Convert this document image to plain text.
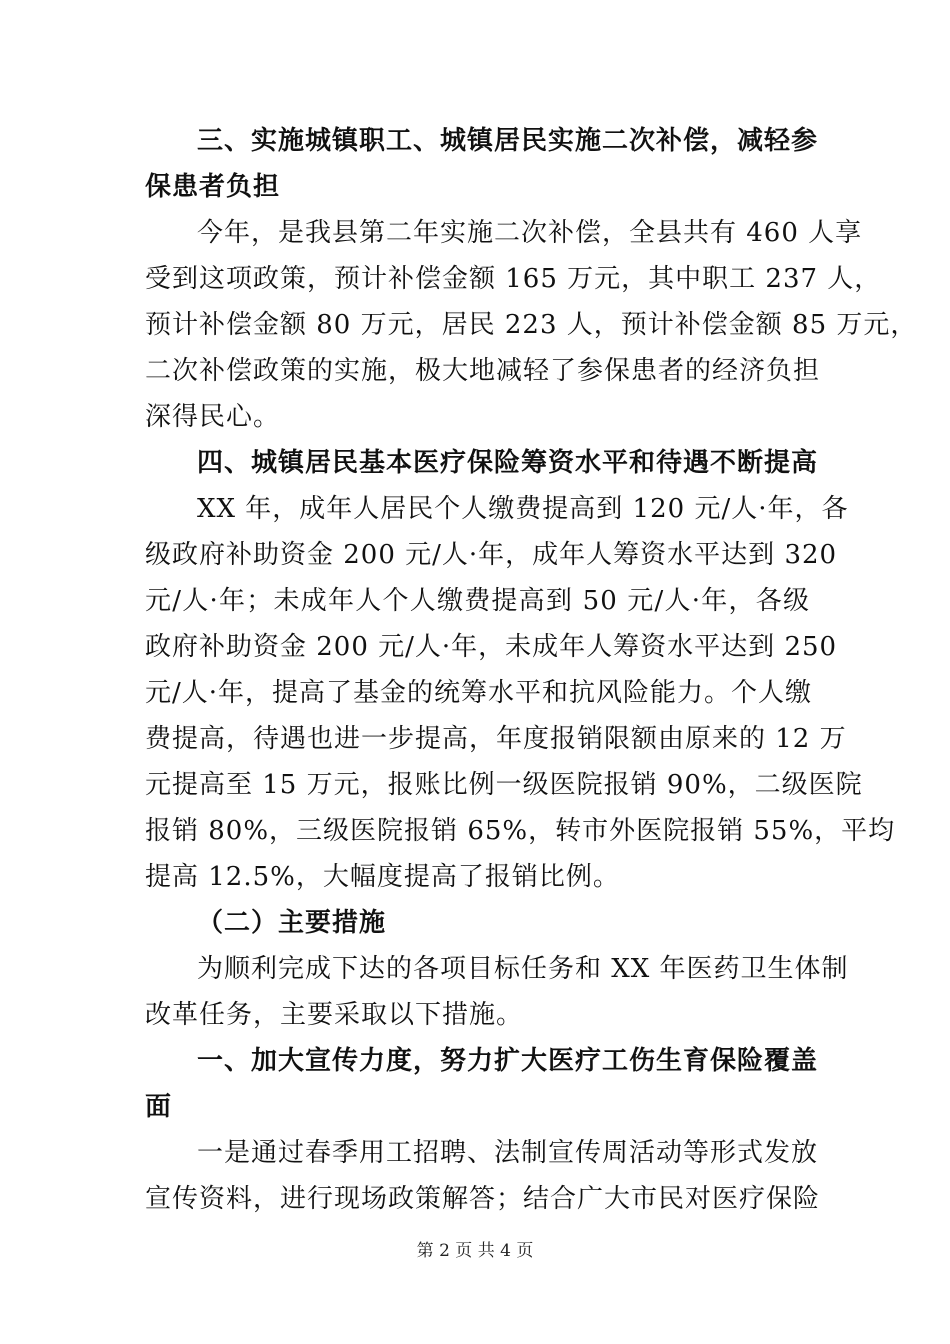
三、实施城镇职工、城镇居民实施二次补偿，减轻参
保患者负担
今年，是我县第二年实施二次补偿，全县共有 460 人享
受到这项政策，预计补偿金额 165 万元，其中职工 237 人，
预计补偿金额 80 万元，居民 223 人，预计补偿金额 85 万元，
二次补偿政策的实施，极大地减轻了参保患者的经济负担
深得民心。
四、城镇居民基本医疗保险筹资水平和待遇不断提高
XX 年，成年人居民个人缴费提高到 120 元/人·年，各
级政府补助资金 200 元/人·年，成年人筹资水平达到 320
元/人·年；未成年人个人缴费提高到 50 元/人·年，各级
政府补助资金 200 元/人·年，未成年人筹资水平达到 250
元/人·年，提高了基金的统筹水平和抗风险能力。个人缴
费提高，待遇也进一步提高，年度报销限额由原来的 12 万
元提高至 15 万元，报账比例一级医院报销 90%，二级医院
报销 80%，三级医院报销 65%，转市外医院报销 55%，平均
提高 12.5%，大幅度提高了报销比例。
（二）主要措施
为顺利完成下达的各项目标任务和 XX 年医药卫生体制
改革任务，主要采取以下措施。
一、加大宣传力度，努力扩大医疗工伤生育保险覆盖
面
一是通过春季用工招聘、法制宣传周活动等形式发放
宣传资料，进行现场政策解答；结合广大市民对医疗保险
第 2 页 共 4 页
